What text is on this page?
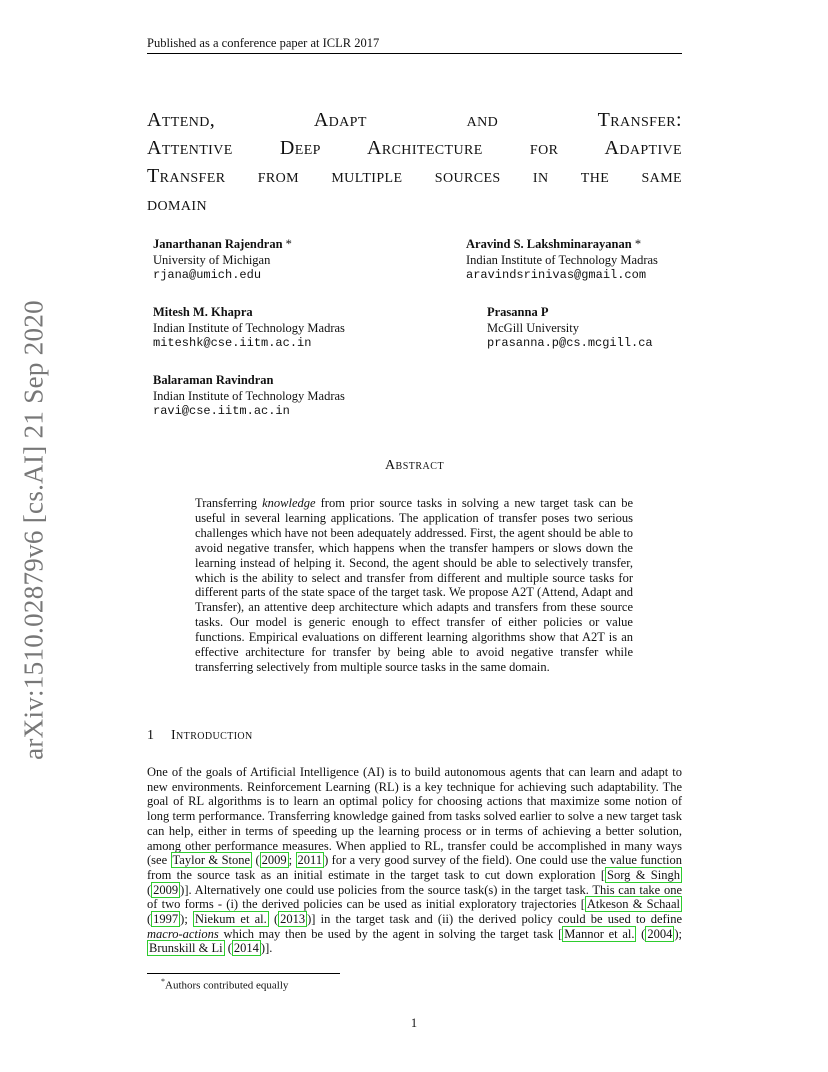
Published as a conference paper at ICLR 2017
Attend, Adapt and Transfer:
Attentive Deep Architecture for Adaptive
Transfer from multiple sources in the same
domain
Janarthanan Rajendran *
University of Michigan
rjana@umich.edu
Aravind S. Lakshminarayanan *
Indian Institute of Technology Madras
aravindsrinivas@gmail.com
Mitesh M. Khapra
Indian Institute of Technology Madras
miteshk@cse.iitm.ac.in
Prasanna P
McGill University
prasanna.p@cs.mcgill.ca
Balaraman Ravindran
Indian Institute of Technology Madras
ravi@cse.iitm.ac.in
arXiv:1510.02879v6 [cs.AI] 21 Sep 2020	Abstract
Transferring knowledge from prior source tasks in solving a new target task can be useful in several learning applications. The application of transfer poses two serious challenges which have not been adequately addressed. First, the agent should be able to avoid negative transfer, which happens when the transfer hampers or slows down the learning instead of helping it. Second, the agent should be able to selectively transfer, which is the ability to select and transfer from different and multiple source tasks for different parts of the state space of the target task. We propose A2T (Attend, Adapt and Transfer), an attentive deep architecture which adapts and transfers from these source tasks. Our model is generic enough to effect transfer of either policies or value functions. Empirical evaluations on different learning algorithms show that A2T is an effective architecture for transfer by being able to avoid negative transfer while transferring selectively from multiple source tasks in the same domain.
1 Introduction
One of the goals of Artificial Intelligence (AI) is to build autonomous agents that can learn and adapt to new environments. Reinforcement Learning (RL) is a key technique for achieving such adaptability. The goal of RL algorithms is to learn an optimal policy for choosing actions that maximize some notion of long term performance. Transferring knowledge gained from tasks solved earlier to solve a new target task can help, either in terms of speeding up the learning process or in terms of achieving a better solution, among other performance measures. When applied to RL, transfer could be accomplished in many ways (see Taylor & Stone ( 2009 ; 2011 ) for a very good survey of the field). One could use the value function from the source task as an initial estimate in the target task to cut down exploration [ Sorg & Singh ( 2009 )]. Alternatively one could use policies from the source task(s) in the target task. This can take one of two forms - (i) the derived policies can be used as initial exploratory trajectories [ Atkeson & Schaal ( 1997 ); Niekum et al. ( 2013 )] in the target task and (ii) the derived policy could be used to define macro-actions which may then be used by the agent in solving the target task [ Mannor et al. ( 2004 ); Brunskill & Li ( 2014 )].
*Authors contributed equally
1
